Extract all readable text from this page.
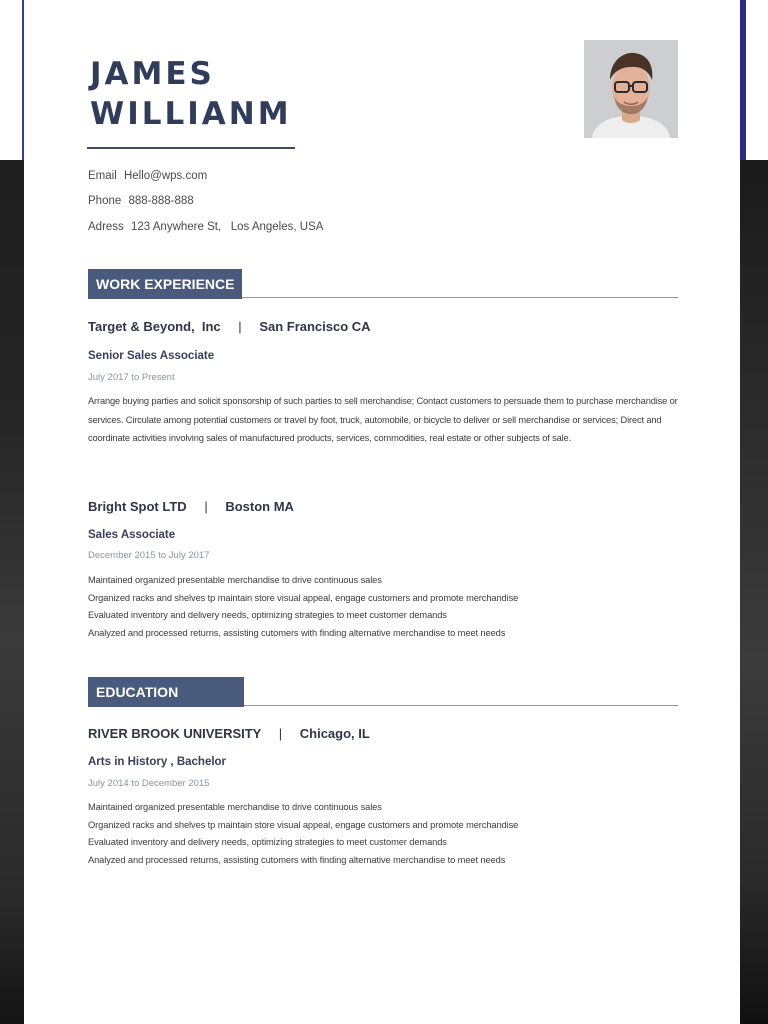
JAMES
WILLIANM
Email Hello@wps.com
Phone 888-888-888
Adress 123 Anywhere St,   Los Angeles, USA
WORK EXPERIENCE
Target & Beyond,  Inc | San Francisco CA
Senior Sales Associate
July 2017 to Present

Arrange buying parties and solicit sponsorship of such parties to sell merchandise; Contact customers to persuade them to purchase merchandise or services. Circulate among potential customers or travel by foot, truck, automobile, or bicycle to deliver or sell merchandise or services; Direct and coordinate activities involving sales of manufactured products, services, commodities, real estate or other subjects of sale.

Bright Spot LTD | Boston MA
Sales Associate
December 2015 to July 2017
Maintained organized presentable merchandise to drive continuous sales
Organized racks and shelves tp maintain store visual appeal, engage customers and promote merchandise
Evaluated inventory and delivery needs, optimizing strategies to meet customer demands
Analyzed and processed returns, assisting cutomers with finding alternative merchandise to meet needs
EDUCATION
RIVER BROOK UNIVERSITY | Chicago, IL
Arts in History , Bachelor
July 2014 to December 2015
Maintained organized presentable merchandise to drive continuous sales
Organized racks and shelves tp maintain store visual appeal, engage customers and promote merchandise
Evaluated inventory and delivery needs, optimizing strategies to meet customer demands
Analyzed and processed returns, assisting cutomers with finding alternative merchandise to meet needs
